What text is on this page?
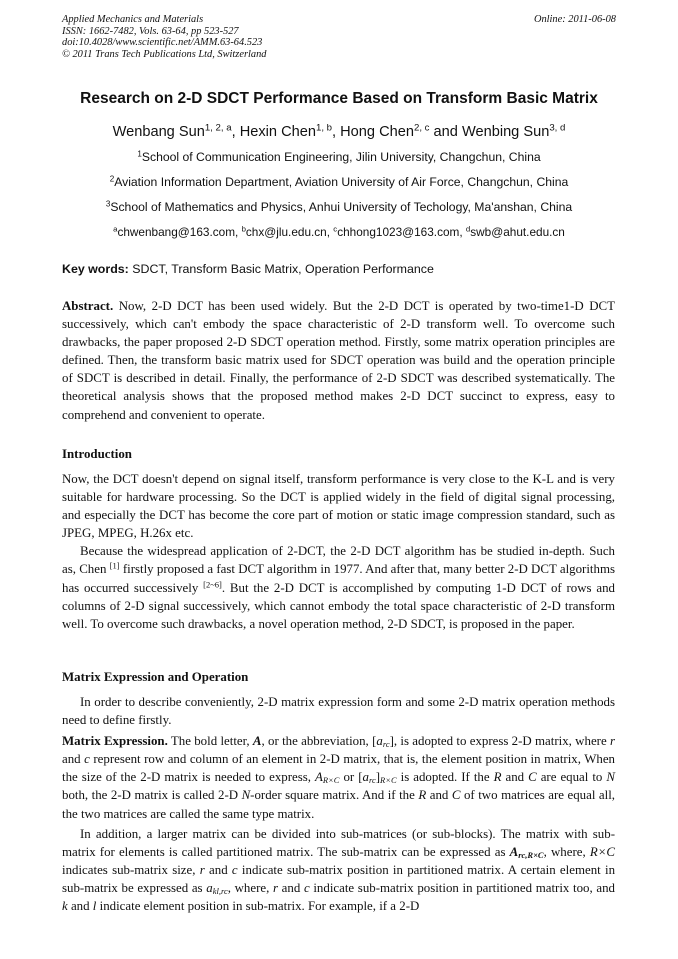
Applied Mechanics and Materials
ISSN: 1662-7482, Vols. 63-64, pp 523-527
doi:10.4028/www.scientific.net/AMM.63-64.523
© 2011 Trans Tech Publications Ltd, Switzerland
Online: 2011-06-08
Research on 2-D SDCT Performance Based on Transform Basic Matrix
Wenbang Sun$^{1, 2, a}$, Hexin Chen$^{1, b}$, Hong Chen$^{2, c}$ and Wenbing Sun$^{3, d}$
$^1$School of Communication Engineering, Jilin University, Changchun, China
$^2$Aviation Information Department, Aviation University of Air Force, Changchun, China
$^3$School of Mathematics and Physics, Anhui University of Techology, Ma'anshan, China
$^a$chwenbang@163.com, $^b$chx@jlu.edu.cn, $^c$chhong1023@163.com, $^d$swb@ahut.edu.cn
Key words: SDCT, Transform Basic Matrix, Operation Performance

Abstract. Now, 2-D DCT has been used widely. But the 2-D DCT is operated by two-time1-D DCT successively, which can't embody the space characteristic of 2-D transform well. To overcome such drawbacks, the paper proposed 2-D SDCT operation method. Firstly, some matrix operation principles are defined. Then, the transform basic matrix used for SDCT operation was build and the operation principle of SDCT is described in detail. Finally, the performance of 2-D SDCT was described systematically. The theoretical analysis shows that the proposed method makes 2-D DCT succinct to express, easy to comprehend and convenient to operate.

Introduction

Now, the DCT doesn't depend on signal itself, transform performance is very close to the K-L and is very suitable for hardware processing. So the DCT is applied widely in the field of digital signal processing, and especially the DCT has become the core part of motion or static image compression standard, such as JPEG, MPEG, H.26x etc.

Because the widespread application of 2-DCT, the 2-D DCT algorithm has be studied in-depth. Such as, Chen [1] firstly proposed a fast DCT algorithm in 1977. And after that, many better 2-D DCT algorithms has occurred successively [2~6]. But the 2-D DCT is accomplished by computing 1-D DCT of rows and columns of 2-D signal successively, which cannot embody the total space characteristic of 2-D transform well. To overcome such drawbacks, a novel operation method, 2-D SDCT, is proposed in the paper.

Matrix Expression and Operation

In order to describe conveniently, 2-D matrix expression form and some 2-D matrix operation methods need to define firstly.

Matrix Expression. The bold letter, A, or the abbreviation, $[a_{rc}]$, is adopted to express 2-D matrix, where r and c represent row and column of an element in 2-D matrix, that is, the element position in matrix, When the size of the 2-D matrix is needed to express, $A_{R\times C}$ or $[a_{rc}]_{R\times C}$ is adopted. If the R and C are equal to N both, the 2-D matrix is called 2-D N-order square matrix. And if the R and C of two matrices are equal all, the two matrices are called the same type matrix.

In addition, a larger matrix can be divided into sub-matrices (or sub-blocks). The matrix with sub-matrix for elements is called partitioned matrix. The sub-matrix can be expressed as $A_{rc,R\times C}$, where, R×C indicates sub-matrix size, r and c indicate sub-matrix position in partitioned matrix. A certain element in sub-matrix be expressed as $a_{kl,rc}$, where, r and c indicate sub-matrix position in partitioned matrix too, and k and l indicate element position in sub-matrix. For example, if a 2-D
